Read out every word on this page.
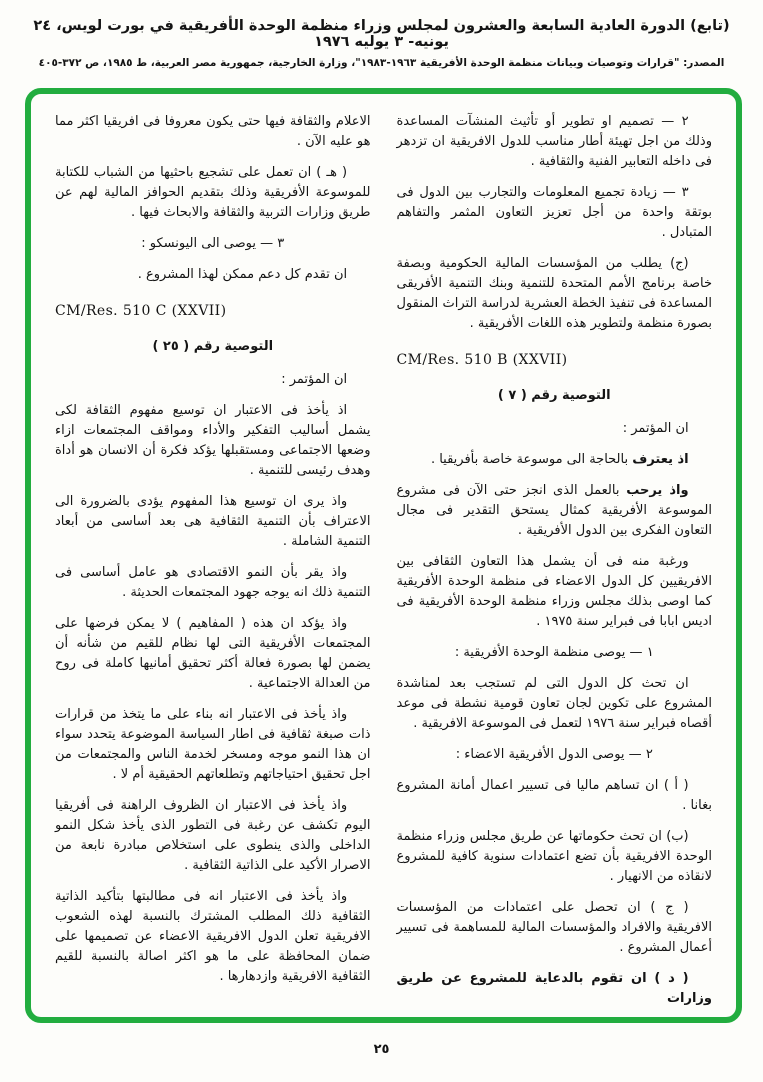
(تابع) الدورة العادية السابعة والعشرون لمجلس وزراء منظمة الوحدة الأفريقية في بورت لويس، ٢٤ يونيه- ٣ يوليه ١٩٧٦
المصدر: "قرارات وتوصيات وبيانات منظمة الوحدة الأفريقية ١٩٦٣-١٩٨٣"، وزارة الخارجية، جمهورية مصر العربية، ط ١٩٨٥، ص ٣٧٢-٤٠٥

٢ — تصميم او تطوير أو تأثيث المنشآت المساعدة وذلك من اجل تهيئة أطار مناسب للدول الافريقية ان تزدهر فى داخله التعابير الفنية والثقافية .

٣ — زيادة تجميع المعلومات والتجارب بين الدول فى بوتقة واحدة من أجل تعزيز التعاون المثمر والتفاهم المتبادل .

(ج) يطلب من المؤسسات المالية الحكومية وبصفة خاصة برنامج الأمم المتحدة للتنمية وبنك التنمية الأفريقى المساعدة فى تنفيذ الخطة العشرية لدراسة التراث المنقول بصورة منظمة ولتطوير هذه اللغات الأفريقية .

CM/Res. 510 B (XXVII)

التوصية رقم ( ٧ )

ان المؤتمر :

اذ يعترف بالحاجة الى موسوعة خاصة بأفريقيا .

واذ يرحب بالعمل الذى انجز حتى الآن فى مشروع الموسوعة الأفريقية كمثال يستحق التقدير فى مجال التعاون الفكرى بين الدول الأفريقية .

ورغبة منه فى أن يشمل هذا التعاون الثقافى بين الافريقيين كل الدول الاعضاء فى منظمة الوحدة الأفريقية كما اوصى بذلك مجلس وزراء منظمة الوحدة الأفريقية فى اديس ابابا فى فبراير سنة ١٩٧٥ .

١ — يوصى منظمة الوحدة الأفريقية :

ان تحث كل الدول التى لم تستجب بعد لمناشدة المشروع على تكوين لجان تعاون قومية نشطة فى موعد أقصاه فبراير سنة ١٩٧٦ لتعمل فى الموسوعة الافريقية .

٢ — يوصى الدول الأفريقية الاعضاء :

( أ ) ان تساهم ماليا فى تسيير اعمال أمانة المشروع بغانا .

(ب) ان تحث حكوماتها عن طريق مجلس وزراء منظمة الوحدة الافريقية بأن تضع اعتمادات سنوية كافية للمشروع لانقاذه من الانهيار .

( ج ) ان تحصل على اعتمادات من المؤسسات الافريقية والافراد والمؤسسات المالية للمساهمة فى تسيير أعمال المشروع .

( د ) ان تقوم بالدعاية للمشروع عن طريق وزارات

الاعلام والثقافة فيها حتى يكون معروفا فى افريقيا اكثر مما هو عليه الآن .

( هـ ) ان تعمل على تشجيع باحثيها من الشباب للكتابة للموسوعة الأفريقية وذلك بتقديم الحوافز المالية لهم عن طريق وزارات التربية والثقافة والابحاث فيها .

٣ — يوصى الى اليونسكو :

ان تقدم كل دعم ممكن لهذا المشروع .

CM/Res. 510 C (XXVII)

التوصية رقم ( ٢٥ )

ان المؤتمر :

اذ يأخذ فى الاعتبار ان توسيع مفهوم الثقافة لكى يشمل أساليب التفكير والأداء ومواقف المجتمعات ازاء وضعها الاجتماعى ومستقبلها يؤكد فكرة أن الانسان هو أداة وهدف رئيسى للتنمية .

واذ يرى ان توسيع هذا المفهوم يؤدى بالضرورة الى الاعتراف بأن التنمية الثقافية هى بعد أساسى من أبعاد التنمية الشاملة .

واذ يقر بأن النمو الاقتصادى هو عامل أساسى فى التنمية ذلك انه يوجه جهود المجتمعات الحديثة .

واذ يؤكد ان هذه ( المفاهيم ) لا يمكن فرضها على المجتمعات الأفريقية التى لها نظام للقيم من شأنه أن يضمن لها بصورة فعالة أكثر تحقيق أمانيها كاملة فى روح من العدالة الاجتماعية .

واذ يأخذ فى الاعتبار انه بناء على ما يتخذ من قرارات ذات صبغة ثقافية فى اطار السياسة الموضوعة يتحدد سواء ان هذا النمو موجه ومسخر لخدمة الناس والمجتمعات من اجل تحقيق احتياجاتهم وتطلعاتهم الحقيقية أم لا .

واذ يأخذ فى الاعتبار ان الظروف الراهنة فى أفريقيا اليوم تكشف عن رغبة فى التطور الذى يأخذ شكل النمو الداخلى والذى ينطوى على استخلاص مبادرة نابعة من الاصرار الأكيد على الذاتية الثقافية .

واذ يأخذ فى الاعتبار انه فى مطالبتها بتأكيد الذاتية الثقافية ذلك المطلب المشترك بالنسبة لهذه الشعوب الافريقية تعلن الدول الافريقية الاعضاء عن تصميمها على ضمان المحافظة على ما هو اكثر اصالة بالنسبة للقيم الثقافية الافريقية وازدهارها .

٢٥
